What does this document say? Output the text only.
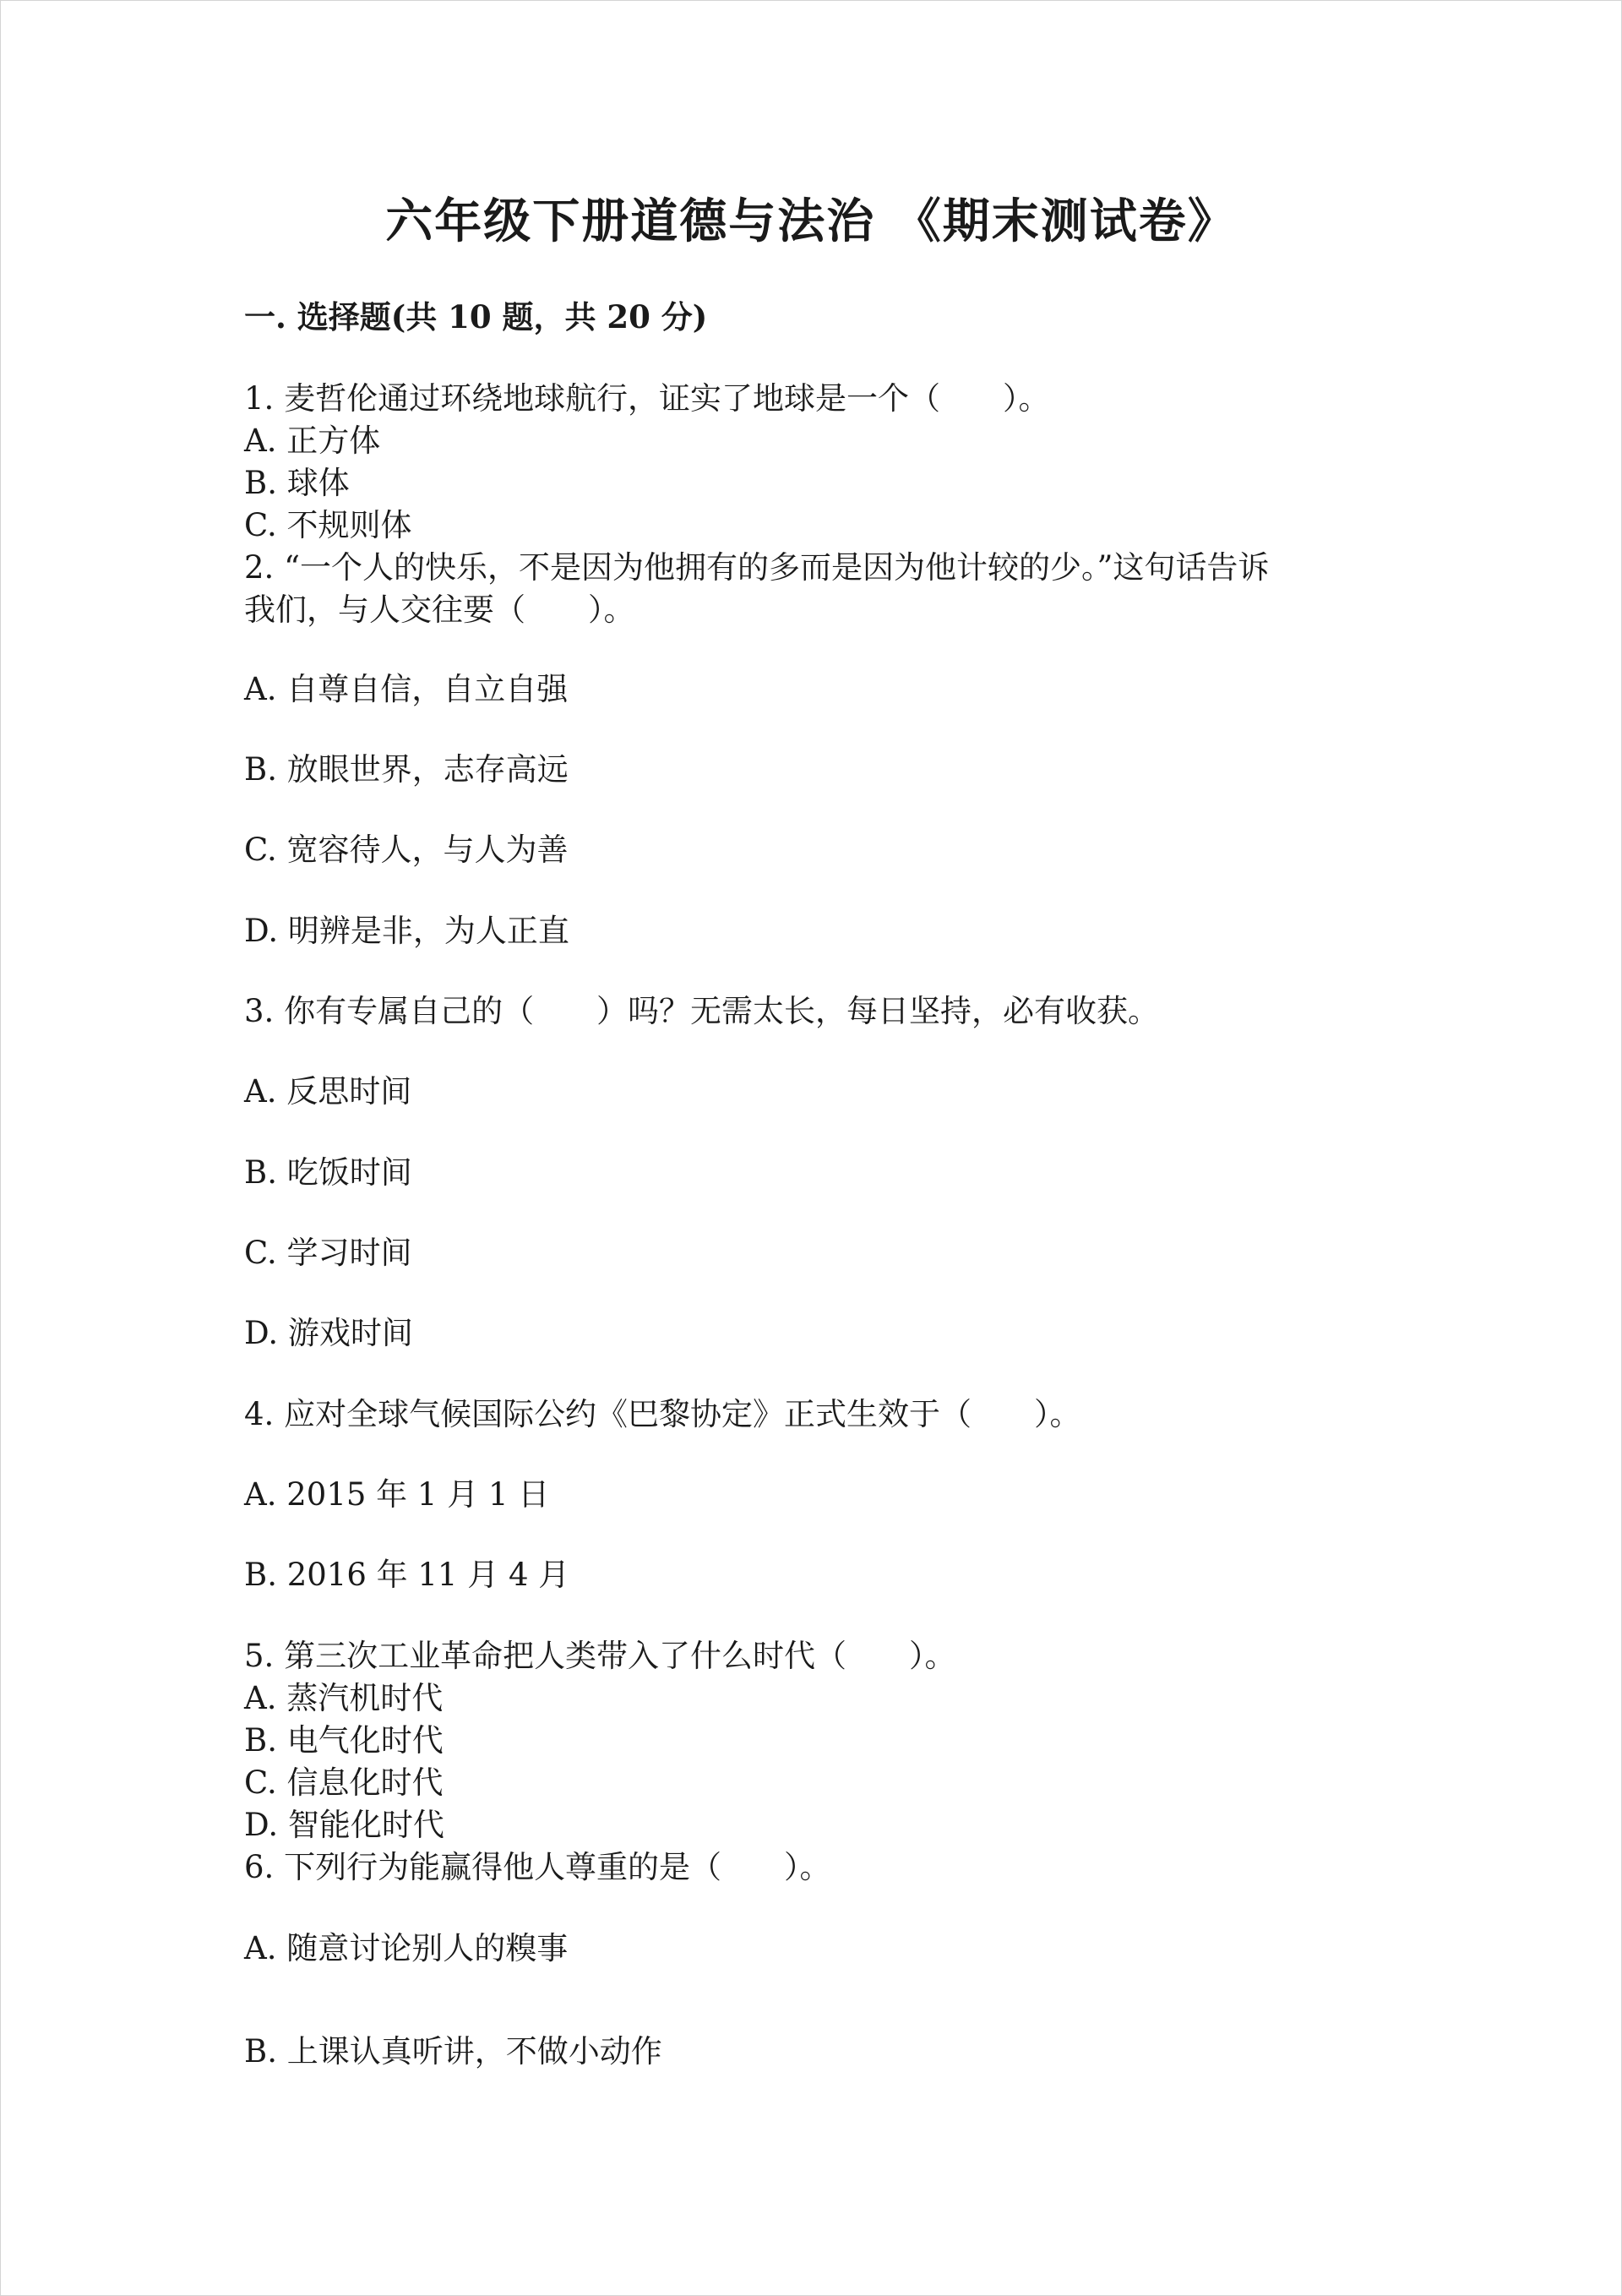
六年级下册道德与法治 《期末测试卷》
一. 选择题(共 10 题，共 20 分)
1. 麦哲伦通过环绕地球航行，证实了地球是一个（　　）。
A. 正方体
B. 球体
C. 不规则体
2. “一个人的快乐，不是因为他拥有的多而是因为他计较的少。”这句话告诉
我们，与人交往要（　　）。
A. 自尊自信，自立自强
B. 放眼世界，志存高远
C. 宽容待人，与人为善
D. 明辨是非，为人正直
3. 你有专属自己的（　　）吗？无需太长，每日坚持，必有收获。
A. 反思时间
B. 吃饭时间
C. 学习时间
D. 游戏时间
4. 应对全球气候国际公约《巴黎协定》正式生效于（　　）。
A. 2015 年 1 月 1 日
B. 2016 年 11 月 4 月
5. 第三次工业革命把人类带入了什么时代（　　）。
A. 蒸汽机时代
B. 电气化时代
C. 信息化时代
D. 智能化时代
6. 下列行为能赢得他人尊重的是（　　）。
A. 随意讨论别人的糗事
B. 上课认真听讲，不做小动作
